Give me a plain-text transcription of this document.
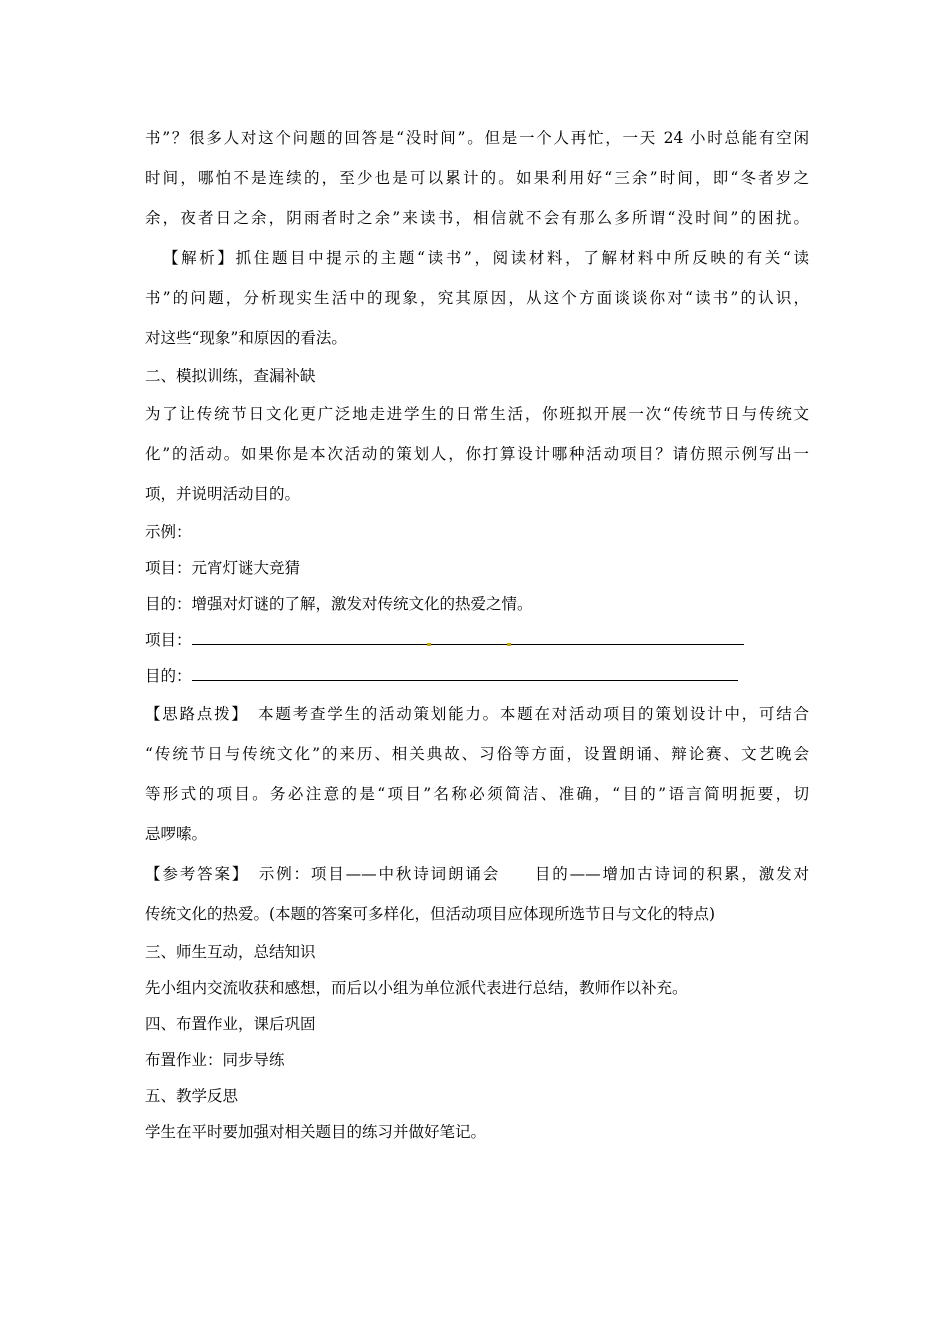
书”？很多人对这个问题的回答是“没时间”。但是一个人再忙，一天 24 小时总能有空闲

时间，哪怕不是连续的，至少也是可以累计的。如果利用好“三余”时间，即“冬者岁之

余，夜者日之余，阴雨者时之余”来读书，相信就不会有那么多所谓“没时间”的困扰。

【解析】抓住题目中提示的主题“读书”，阅读材料，了解材料中所反映的有关“读

书”的问题，分析现实生活中的现象，究其原因，从这个方面谈谈你对“读书”的认识，

对这些“现象”和原因的看法。

二、模拟训练，查漏补缺

为了让传统节日文化更广泛地走进学生的日常生活，你班拟开展一次“传统节日与传统文

化”的活动。如果你是本次活动的策划人，你打算设计哪种活动项目？请仿照示例写出一

项，并说明活动目的。

示例：

项目：元宵灯谜大竞猜

目的：增强对灯谜的了解，激发对传统文化的热爱之情。

项目：
目的：

【思路点拨】　本题考查学生的活动策划能力。本题在对活动项目的策划设计中，可结合

“传统节日与传统文化”的来历、相关典故、习俗等方面，设置朗诵、辩论赛、文艺晚会

等形式的项目。务必注意的是“项目”名称必须简洁、准确，“目的”语言简明扼要，切

忌啰嗦。

【参考答案】　示例：项目——中秋诗词朗诵会　　目的——增加古诗词的积累，激发对

传统文化的热爱。(本题的答案可多样化，但活动项目应体现所选节日与文化的特点)

三、师生互动，总结知识

先小组内交流收获和感想，而后以小组为单位派代表进行总结，教师作以补充。

四、布置作业，课后巩固

布置作业：同步导练

五、教学反思

学生在平时要加强对相关题目的练习并做好笔记。
